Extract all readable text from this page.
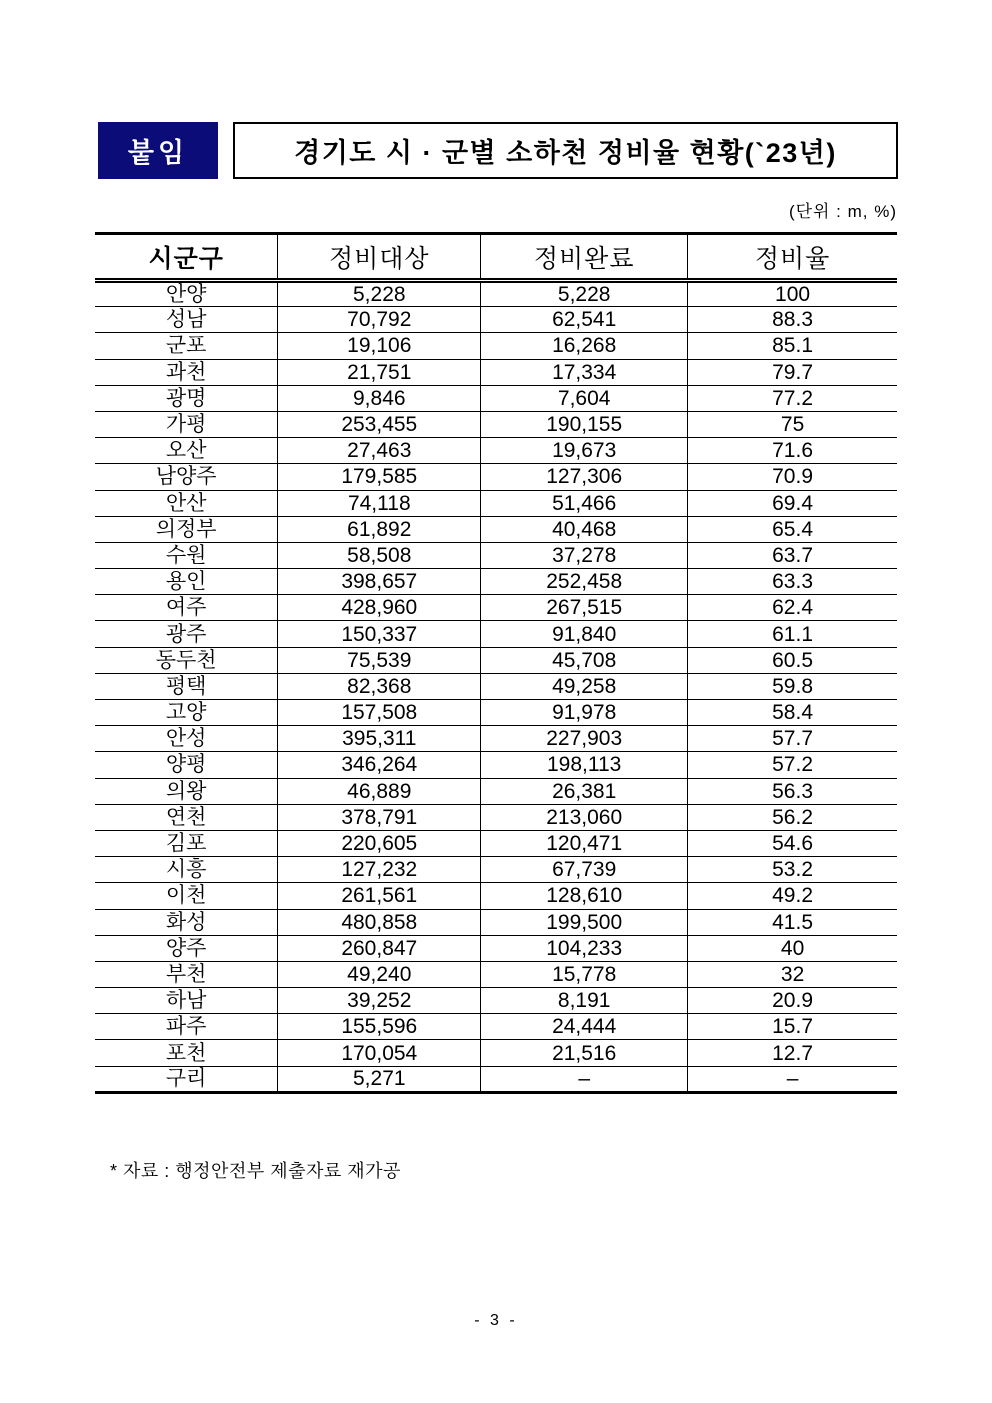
붙임	경기도 시 · 군별 소하천 정비율 현황(`23년)
(단위 : m, %)
시군구	정비대상	정비완료	정비율
안양	5,228	5,228	100
성남	70,792	62,541	88.3
군포	19,106	16,268	85.1
과천	21,751	17,334	79.7
광명	9,846	7,604	77.2
가평	253,455	190,155	75
오산	27,463	19,673	71.6
남양주	179,585	127,306	70.9
안산	74,118	51,466	69.4
의정부	61,892	40,468	65.4
수원	58,508	37,278	63.7
용인	398,657	252,458	63.3
여주	428,960	267,515	62.4
광주	150,337	91,840	61.1
동두천	75,539	45,708	60.5
평택	82,368	49,258	59.8
고양	157,508	91,978	58.4
안성	395,311	227,903	57.7
양평	346,264	198,113	57.2
의왕	46,889	26,381	56.3
연천	378,791	213,060	56.2
김포	220,605	120,471	54.6
시흥	127,232	67,739	53.2
이천	261,561	128,610	49.2
화성	480,858	199,500	41.5
양주	260,847	104,233	40
부천	49,240	15,778	32
하남	39,252	8,191	20.9
파주	155,596	24,444	15.7
포천	170,054	21,516	12.7
구리	5,271	–	–
* 자료 : 행정안전부 제출자료 재가공
- 3 -
